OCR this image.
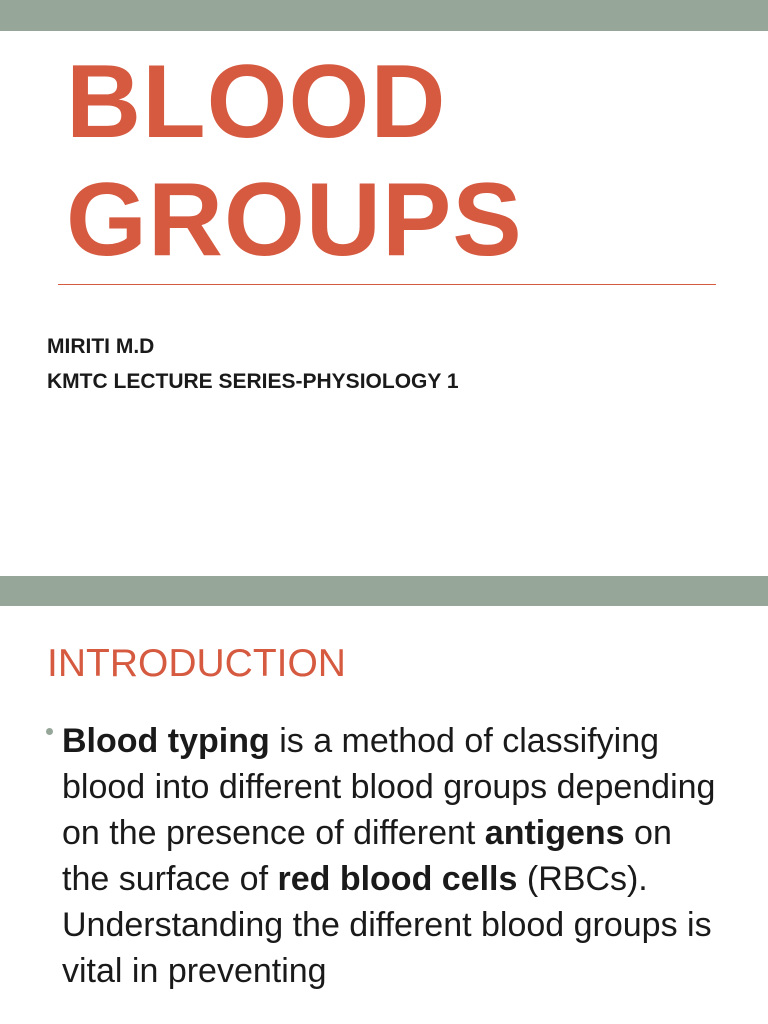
BLOOD
GROUPS

MIRITI M.D

KMTC LECTURE SERIES-PHYSIOLOGY 1

INTRODUCTION

Blood typing is a method of classifying blood into different blood groups depending on the presence of different antigens on the surface of red blood cells (RBCs). Understanding the different blood groups is vital in preventing
